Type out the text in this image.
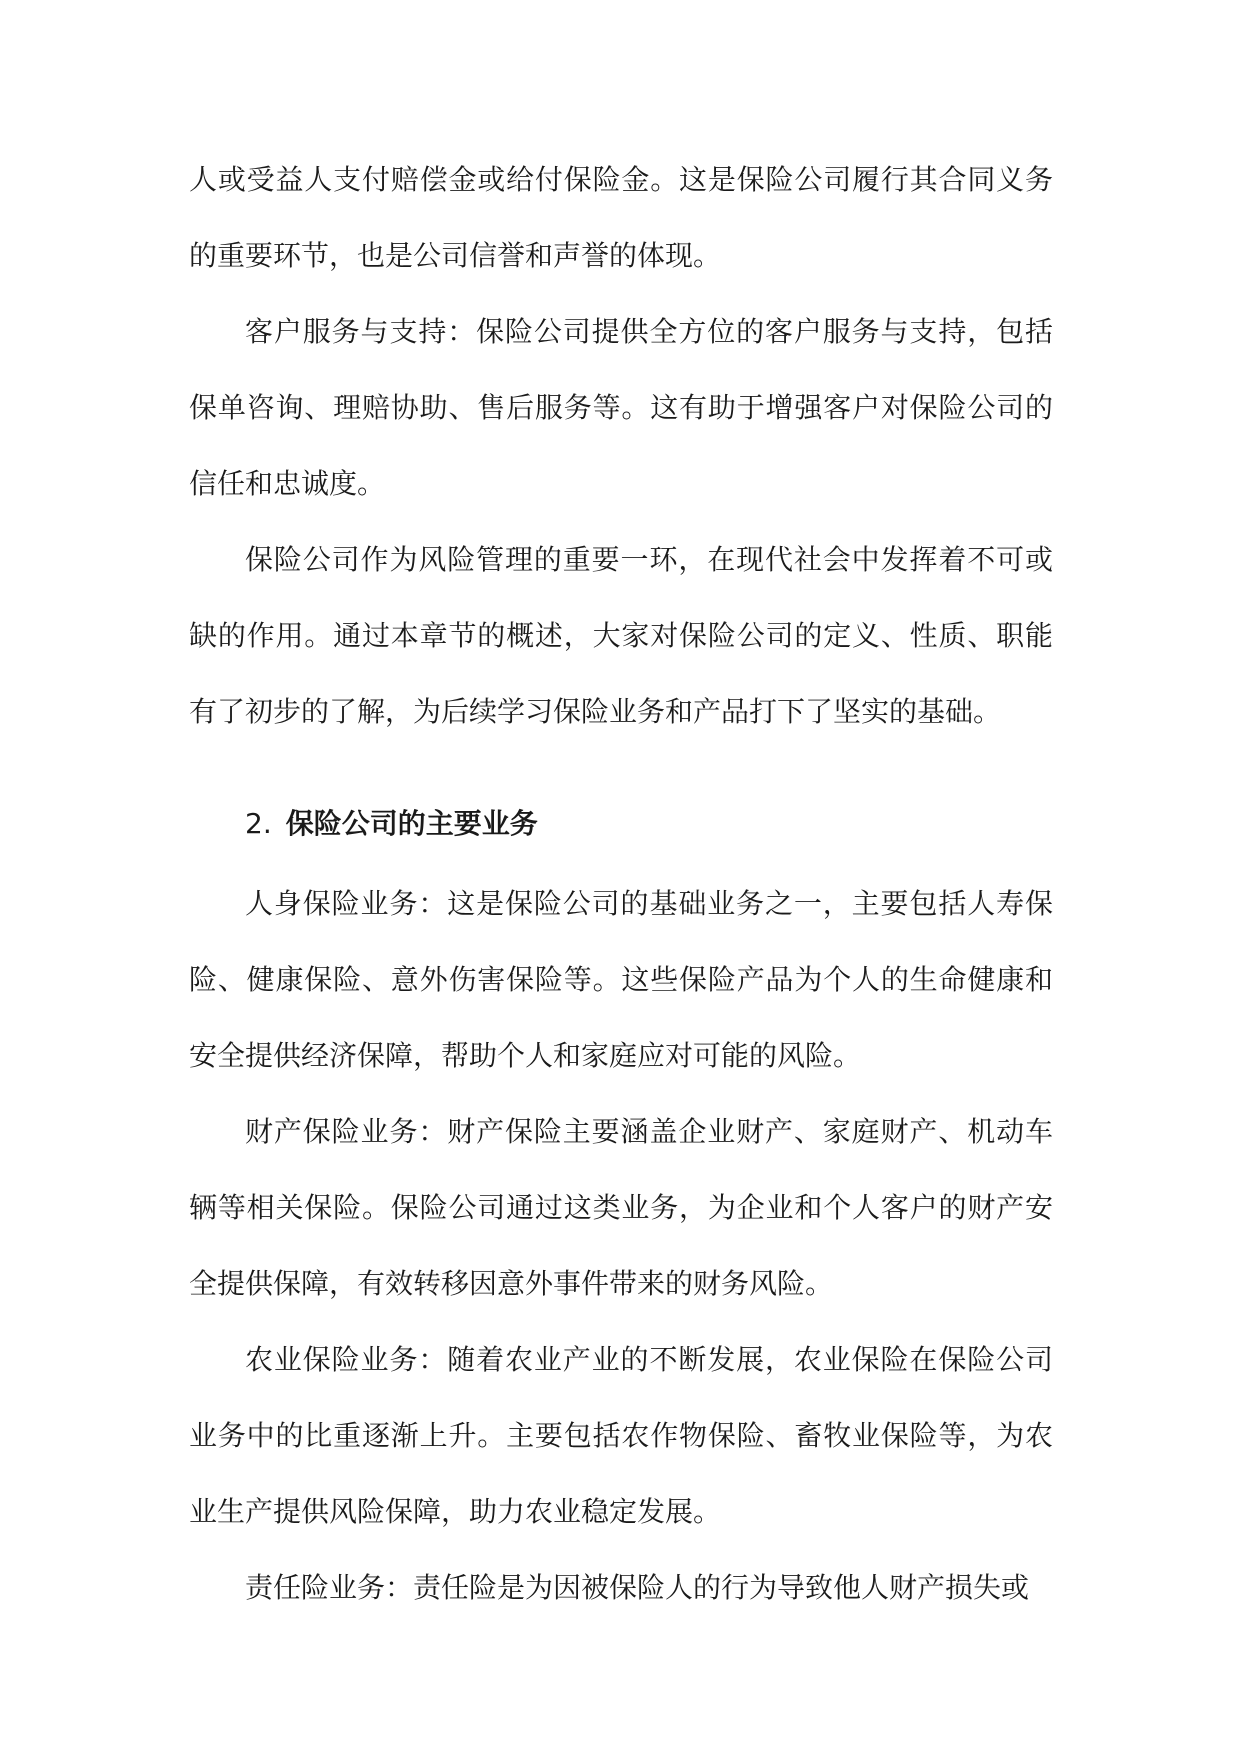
人或受益人支付赔偿金或给付保险金。这是保险公司履行其合同义务的重要环节，也是公司信誉和声誉的体现。

客户服务与支持：保险公司提供全方位的客户服务与支持，包括保单咨询、理赔协助、售后服务等。这有助于增强客户对保险公司的信任和忠诚度。

保险公司作为风险管理的重要一环，在现代社会中发挥着不可或缺的作用。通过本章节的概述，大家对保险公司的定义、性质、职能有了初步的了解，为后续学习保险业务和产品打下了坚实的基础。

2. 保险公司的主要业务

人身保险业务：这是保险公司的基础业务之一，主要包括人寿保险、健康保险、意外伤害保险等。这些保险产品为个人的生命健康和安全提供经济保障，帮助个人和家庭应对可能的风险。

财产保险业务：财产保险主要涵盖企业财产、家庭财产、机动车辆等相关保险。保险公司通过这类业务，为企业和个人客户的财产安全提供保障，有效转移因意外事件带来的财务风险。

农业保险业务：随着农业产业的不断发展，农业保险在保险公司业务中的比重逐渐上升。主要包括农作物保险、畜牧业保险等，为农业生产提供风险保障，助力农业稳定发展。

责任险业务：责任险是为因被保险人的行为导致他人财产损失或
